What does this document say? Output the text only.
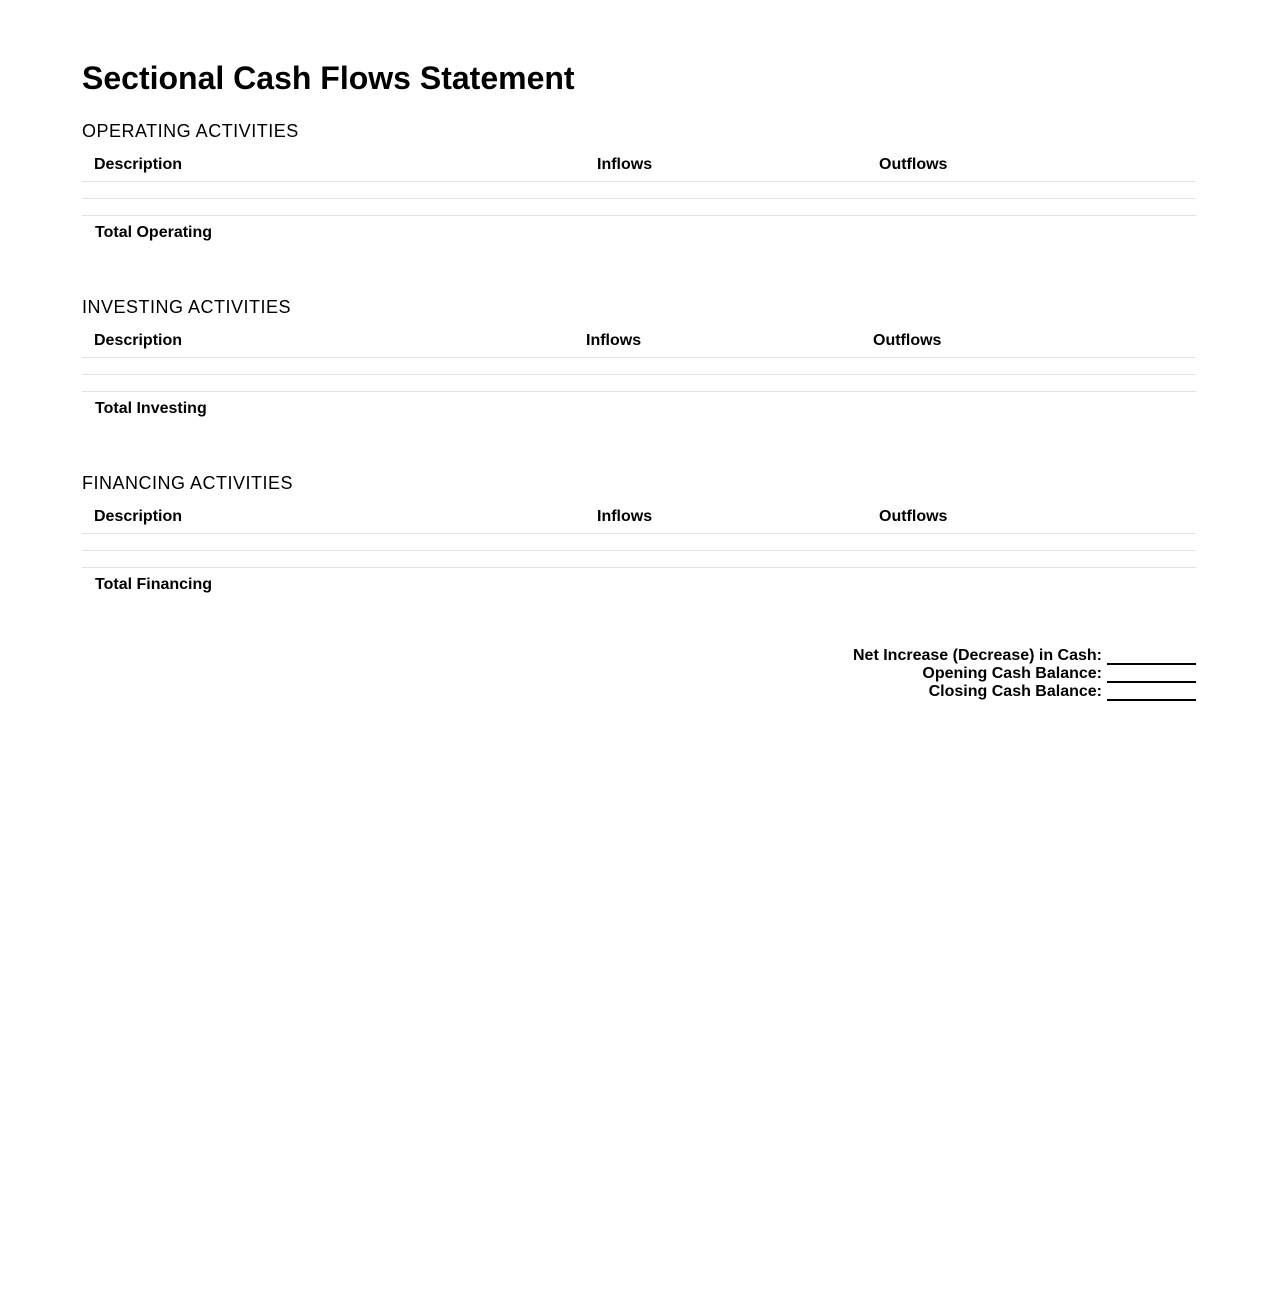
Sectional Cash Flows Statement
OPERATING ACTIVITIES
Description	Inflows	Outflows
Total Operating
INVESTING ACTIVITIES
Description	Inflows	Outflows
Total Investing
FINANCING ACTIVITIES
Description	Inflows	Outflows
Total Financing
Net Increase (Decrease) in Cash:
Opening Cash Balance:
Closing Cash Balance:
